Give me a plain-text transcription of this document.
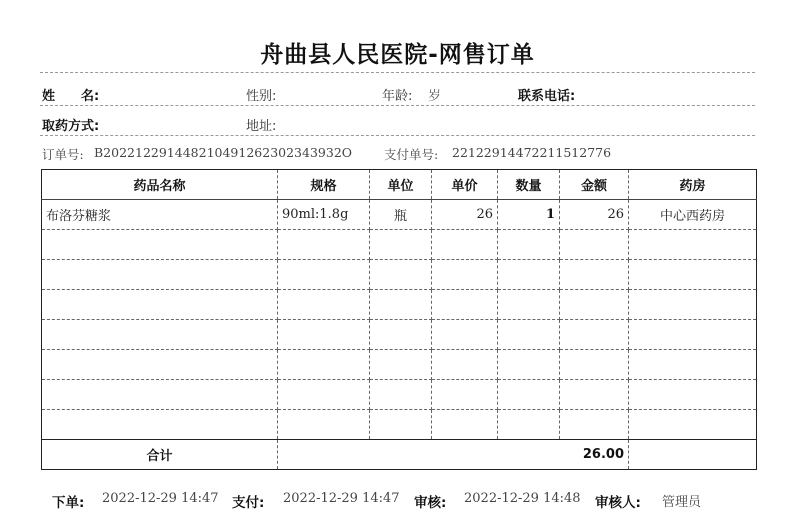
舟曲县人民医院-网售订单
姓　　名:	性别:	年龄: 岁	联系电话:
取药方式:	地址:
订单号: B202212291448210491262302343932O	支付单号: 22122914472211512776
药品名称	规格	单位	单价	数量	金额	药房
布洛芬糖浆	90ml:1.8g	瓶	26	1	26	中心西药房

合计	26.00					
下单: 2022-12-29 14:47 支付: 2022-12-29 14:47 审核: 2022-12-29 14:48 审核人: 管理员
